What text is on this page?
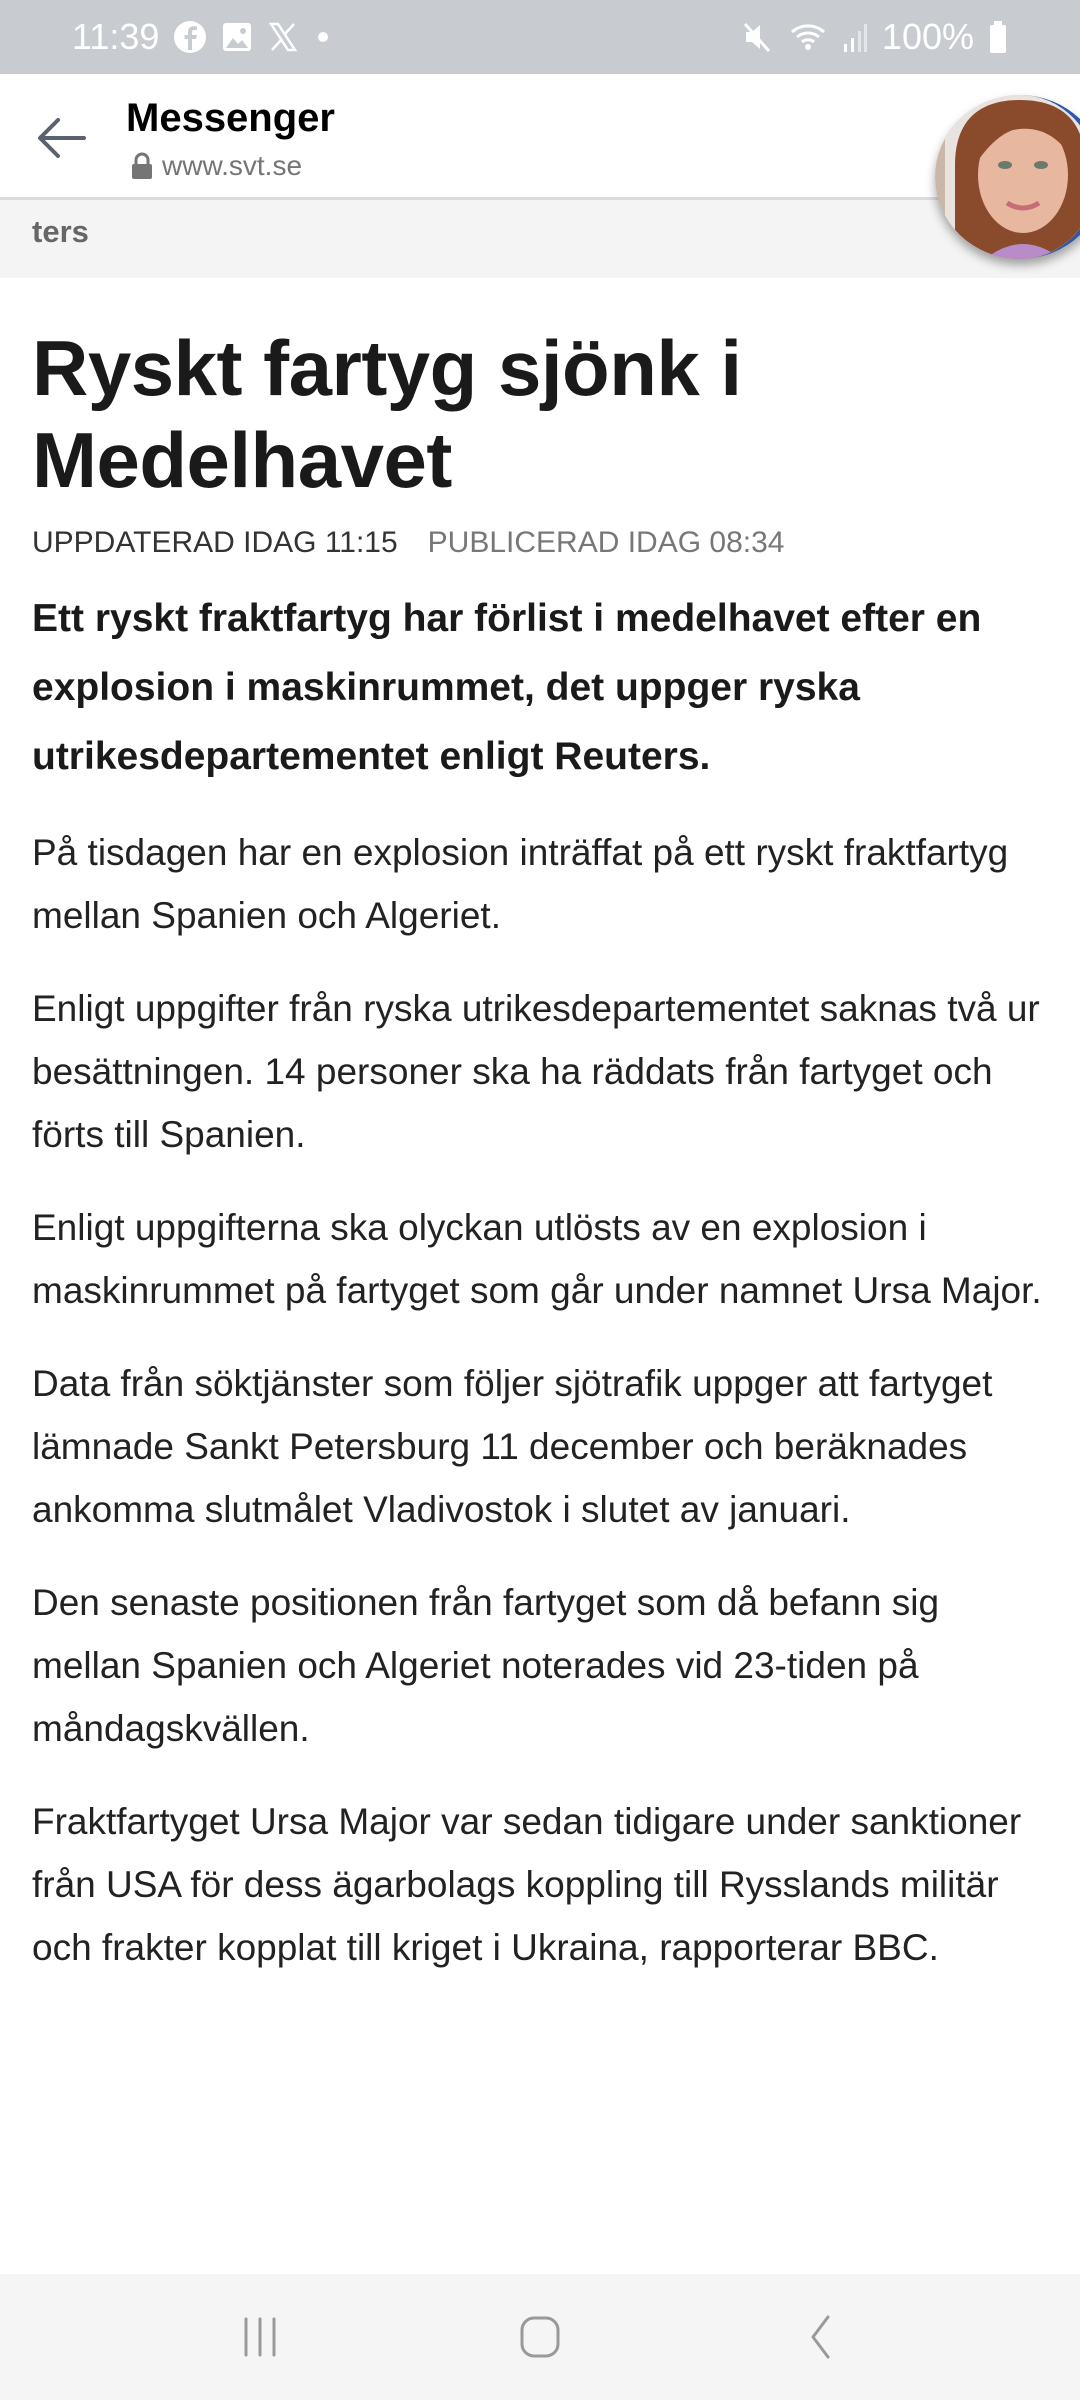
11:39	100%
Messenger
www.svt.se
ters
Ryskt fartyg sjönk i Medelhavet
UPPDATERAD IDAG 11:15 PUBLICERAD IDAG 08:34

Ett ryskt fraktfartyg har förlist i medelhavet efter en explosion i maskinrummet, det uppger ryska utrikesdepartementet enligt Reuters.

På tisdagen har en explosion inträffat på ett ryskt fraktfartyg mellan Spanien och Algeriet.

Enligt uppgifter från ryska utrikesdepartementet saknas två ur besättningen. 14 personer ska ha räddats från fartyget och förts till Spanien.

Enligt uppgifterna ska olyckan utlösts av en explosion i maskinrummet på fartyget som går under namnet Ursa Major.

Data från söktjänster som följer sjötrafik uppger att fartyget lämnade Sankt Petersburg 11 december och beräknades ankomma slutmålet Vladivostok i slutet av januari.

Den senaste positionen från fartyget som då befann sig mellan Spanien och Algeriet noterades vid 23-tiden på måndagskvällen.

Fraktfartyget Ursa Major var sedan tidigare under sanktioner från USA för dess ägarbolags koppling till Rysslands militär och frakter kopplat till kriget i Ukraina, rapporterar BBC.
